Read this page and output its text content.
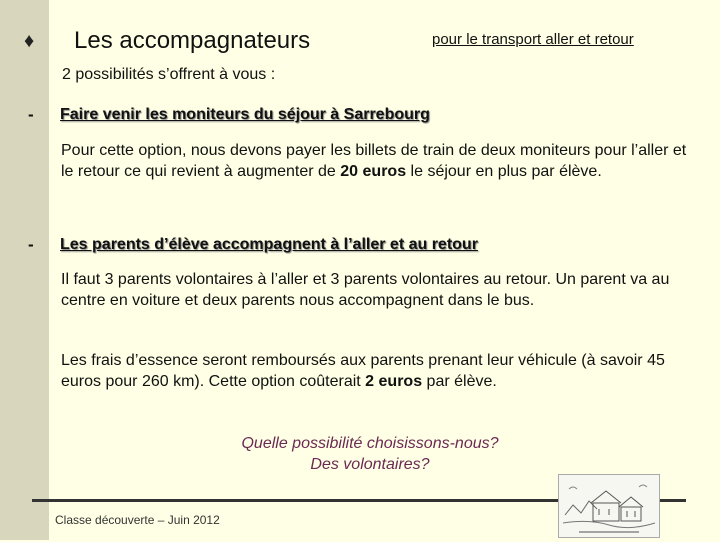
♦ Les accompagnateurs	pour le transport aller et retour
2 possibilités s’offrent à vous :
- Faire venir les moniteurs du séjour à Sarrebourg
Pour cette option, nous devons payer les billets de train de deux moniteurs pour l’aller et le retour ce qui revient à augmenter de 20 euros le séjour en plus par élève.
- Les parents d’élève accompagnent à l’aller et au retour
Il faut 3 parents volontaires à l’aller et 3 parents volontaires au retour. Un parent va au centre en voiture et deux parents nous accompagnent dans le bus.
Les frais d’essence seront remboursés aux parents prenant leur véhicule (à savoir 45 euros pour 260 km). Cette option coûterait 2 euros par élève.
Quelle possibilité choisissons-nous?
Des volontaires?
Classe découverte – Juin 2012
